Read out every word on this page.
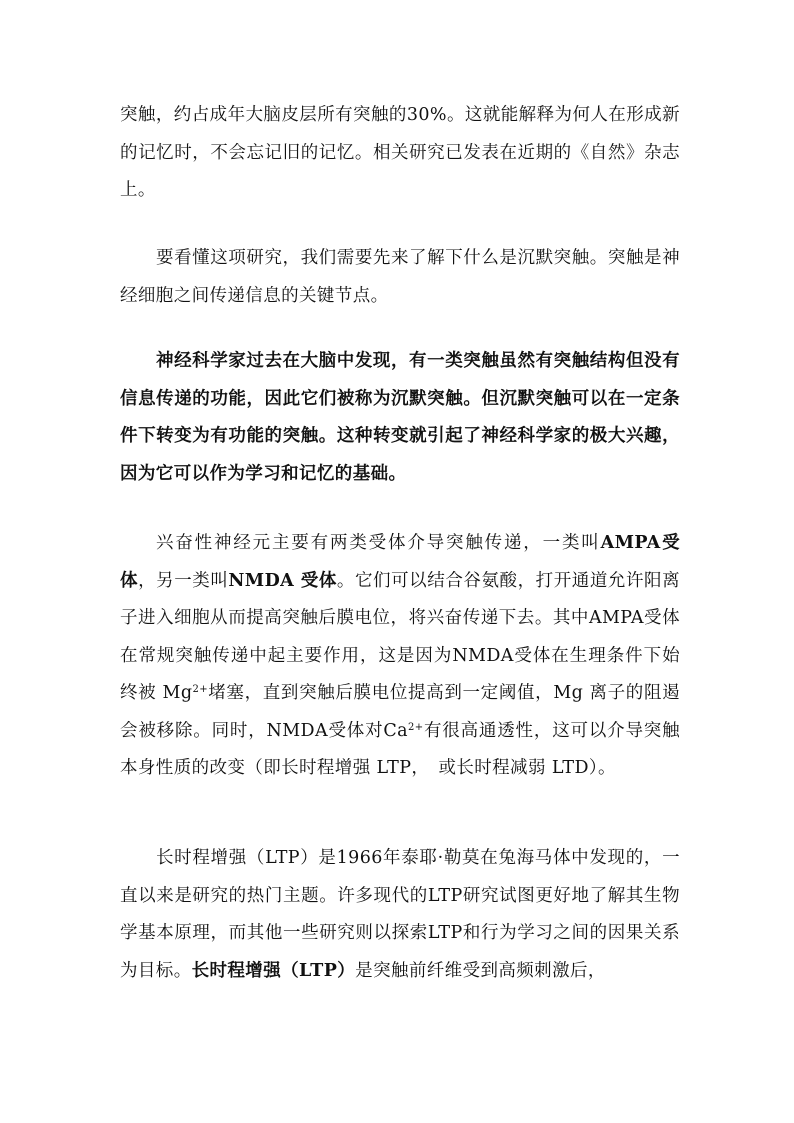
突触，约占成年大脑皮层所有突触的30%。这就能解释为何人在形成新的记忆时，不会忘记旧的记忆。相关研究已发表在近期的《自然》杂志上。

要看懂这项研究，我们需要先来了解下什么是沉默突触。突触是神经细胞之间传递信息的关键节点。

神经科学家过去在大脑中发现，有一类突触虽然有突触结构但没有信息传递的功能，因此它们被称为沉默突触。但沉默突触可以在一定条件下转变为有功能的突触。这种转变就引起了神经科学家的极大兴趣，因为它可以作为学习和记忆的基础。

兴奋性神经元主要有两类受体介导突触传递，一类叫AMPA受体，另一类叫NMDA 受体。它们可以结合谷氨酸，打开通道允许阳离子进入细胞从而提高突触后膜电位，将兴奋传递下去。其中AMPA受体在常规突触传递中起主要作用，这是因为NMDA受体在生理条件下始终被 $Mg^{2+}$堵塞，直到突触后膜电位提高到一定阈值，Mg 离子的阻遏会被移除。同时，NMDA受体对$Ca^{2+}$有很高通透性，这可以介导突触本身性质的改变（即长时程增强 LTP，　或长时程减弱 LTD）。

长时程增强（LTP）是1966年泰耶·勒莫在兔海马体中发现的，一直以来是研究的热门主题。许多现代的LTP研究试图更好地了解其生物学基本原理，而其他一些研究则以探索LTP和行为学习之间的因果关系为目标。长时程增强（LTP）是突触前纤维受到高频刺激后，
